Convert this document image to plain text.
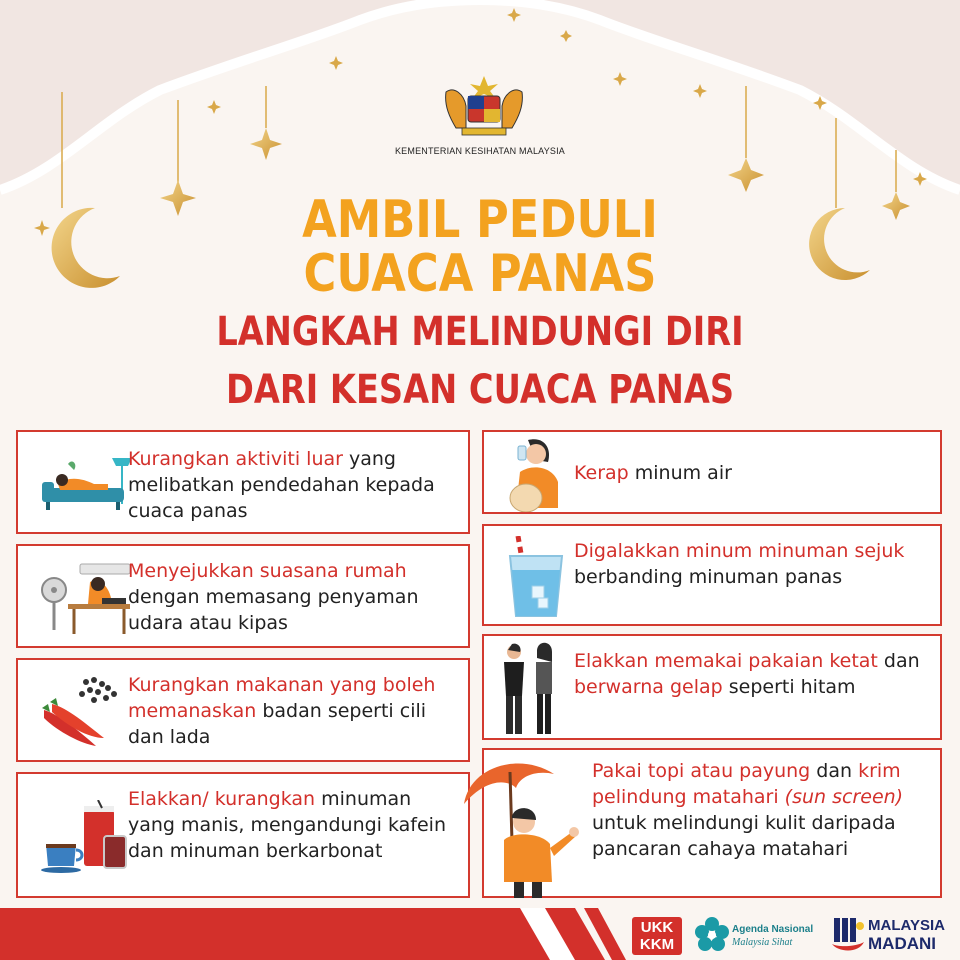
KEMENTERIAN KESIHATAN MALAYSIA
AMBIL PEDULI
CUACA PANAS
LANGKAH MELINDUNGI DIRI
DARI KESAN CUACA PANAS
Kurangkan aktiviti luar yang melibatkan pendedahan kepada cuaca panas
Menyejukkan suasana rumah dengan memasang penyaman udara atau kipas
Kurangkan makanan yang boleh memanaskan badan seperti cili dan lada
Elakkan/ kurangkan minuman yang manis, mengandungi kafein dan minuman berkarbonat
Kerap minum air
Digalakkan minum minuman sejuk berbanding minuman panas
Elakkan memakai pakaian ketat dan berwarna gelap seperti hitam
Pakai topi atau payung dan krim pelindung matahari (sun screen) untuk melindungi kulit daripada pancaran cahaya matahari
UKK
KKM
Agenda Nasional
Malaysia Sihat
MALAYSIA
MADANI
